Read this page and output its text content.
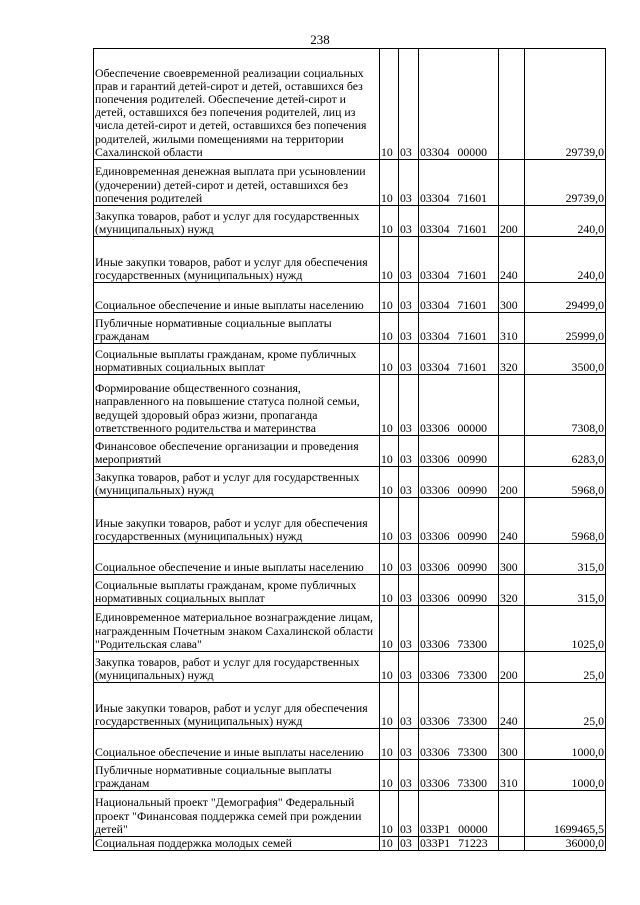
238
Обеспечение своевременной реализации социальных прав и гарантий детей-сирот и детей, оставшихся без попечения родителей. Обеспечение детей-сирот и детей, оставшихся без попечения родителей, лиц из числа детей-сирот и детей, оставшихся без попечения родителей, жилыми помещениями на территории Сахалинской области	10	03	03304 00000		29739,0
Единовременная денежная выплата при усыновлении (удочерении) детей-сирот и детей, оставшихся без попечения родителей	10	03	03304 71601		29739,0
Закупка товаров, работ и услуг для государственных (муниципальных) нужд	10	03	03304 71601	200	240,0
Иные закупки товаров, работ и услуг для обеспечения государственных (муниципальных) нужд	10	03	03304 71601	240	240,0
Социальное обеспечение и иные выплаты населению	10	03	03304 71601	300	29499,0
Публичные нормативные социальные выплаты гражданам	10	03	03304 71601	310	25999,0
Социальные выплаты гражданам, кроме публичных нормативных социальных выплат	10	03	03304 71601	320	3500,0
Формирование общественного сознания, направленного на повышение статуса полной семьи, ведущей здоровый образ жизни, пропаганда ответственного родительства и материнства	10	03	03306 00000		7308,0
Финансовое обеспечение организации и проведения мероприятий	10	03	03306 00990		6283,0
Закупка товаров, работ и услуг для государственных (муниципальных) нужд	10	03	03306 00990	200	5968,0
Иные закупки товаров, работ и услуг для обеспечения государственных (муниципальных) нужд	10	03	03306 00990	240	5968,0
Социальное обеспечение и иные выплаты населению	10	03	03306 00990	300	315,0
Социальные выплаты гражданам, кроме публичных нормативных социальных выплат	10	03	03306 00990	320	315,0
Единовременное материальное вознаграждение лицам, награжденным Почетным знаком Сахалинской области "Родительская слава"	10	03	03306 73300		1025,0
Закупка товаров, работ и услуг для государственных (муниципальных) нужд	10	03	03306 73300	200	25,0
Иные закупки товаров, работ и услуг для обеспечения государственных (муниципальных) нужд	10	03	03306 73300	240	25,0
Социальное обеспечение и иные выплаты населению	10	03	03306 73300	300	1000,0
Публичные нормативные социальные выплаты гражданам	10	03	03306 73300	310	1000,0
Национальный проект "Демография" Федеральный проект "Финансовая поддержка семей при рождении детей"	10	03	033P1 00000		1699465,5
Социальная поддержка молодых семей	10	03	033P1 71223		36000,0
